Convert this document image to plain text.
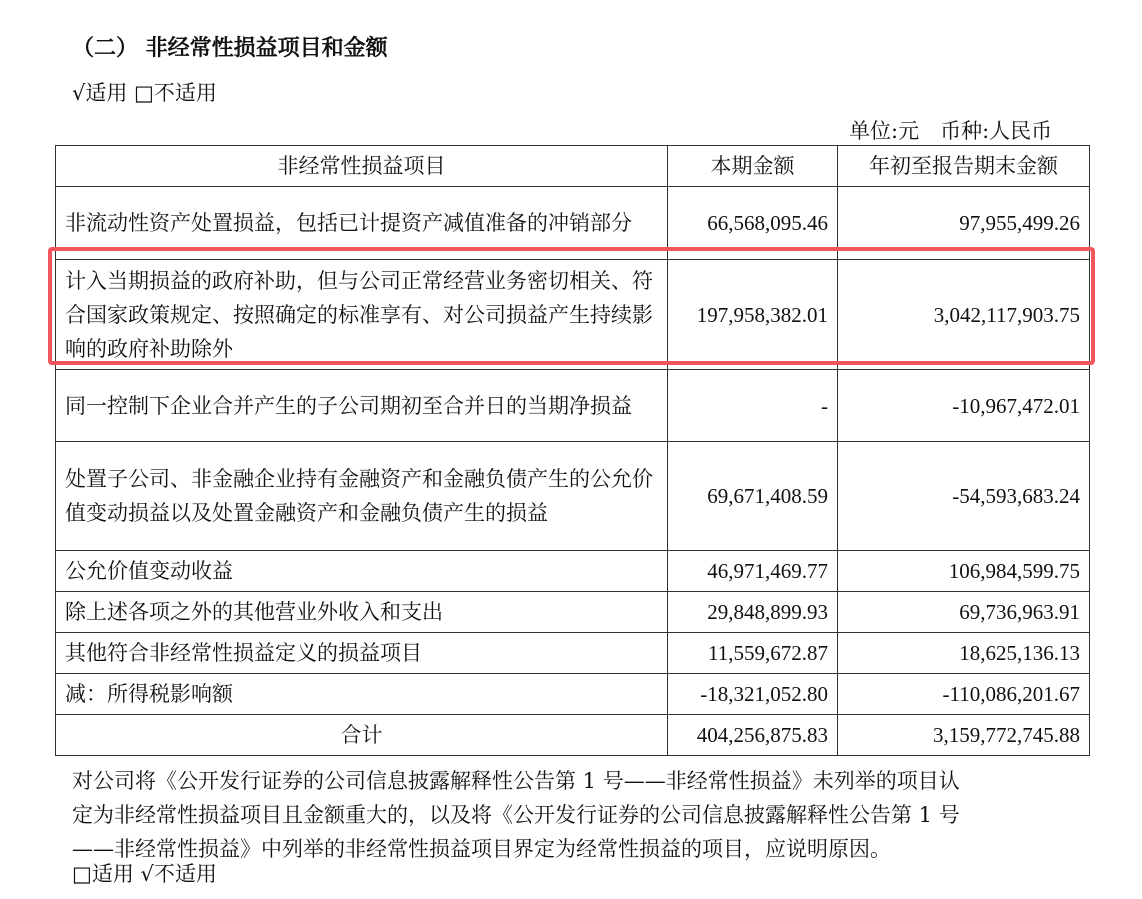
（二） 非经常性损益项目和金额
√适用 □不适用
单位:元　币种:人民币
非经常性损益项目	本期金额	年初至报告期末金额
非流动性资产处置损益，包括已计提资产减值准备的冲销部分	66,568,095.46	97,955,499.26
计入当期损益的政府补助，但与公司正常经营业务密切相关、符合国家政策规定、按照确定的标准享有、对公司损益产生持续影响的政府补助除外	197,958,382.01	3,042,117,903.75
同一控制下企业合并产生的子公司期初至合并日的当期净损益	-	-10,967,472.01
处置子公司、非金融企业持有金融资产和金融负债产生的公允价值变动损益以及处置金融资产和金融负债产生的损益	69,671,408.59	-54,593,683.24
公允价值变动收益	46,971,469.77	106,984,599.75
除上述各项之外的其他营业外收入和支出	29,848,899.93	69,736,963.91
其他符合非经常性损益定义的损益项目	11,559,672.87	18,625,136.13
减：所得税影响额	-18,321,052.80	-110,086,201.67
合计	404,256,875.83	3,159,772,745.88
对公司将《公开发行证券的公司信息披露解释性公告第 1 号——非经常性损益》未列举的项目认
定为非经常性损益项目且金额重大的，以及将《公开发行证券的公司信息披露解释性公告第 1 号
——非经常性损益》中列举的非经常性损益项目界定为经常性损益的项目，应说明原因。
□适用 √不适用
